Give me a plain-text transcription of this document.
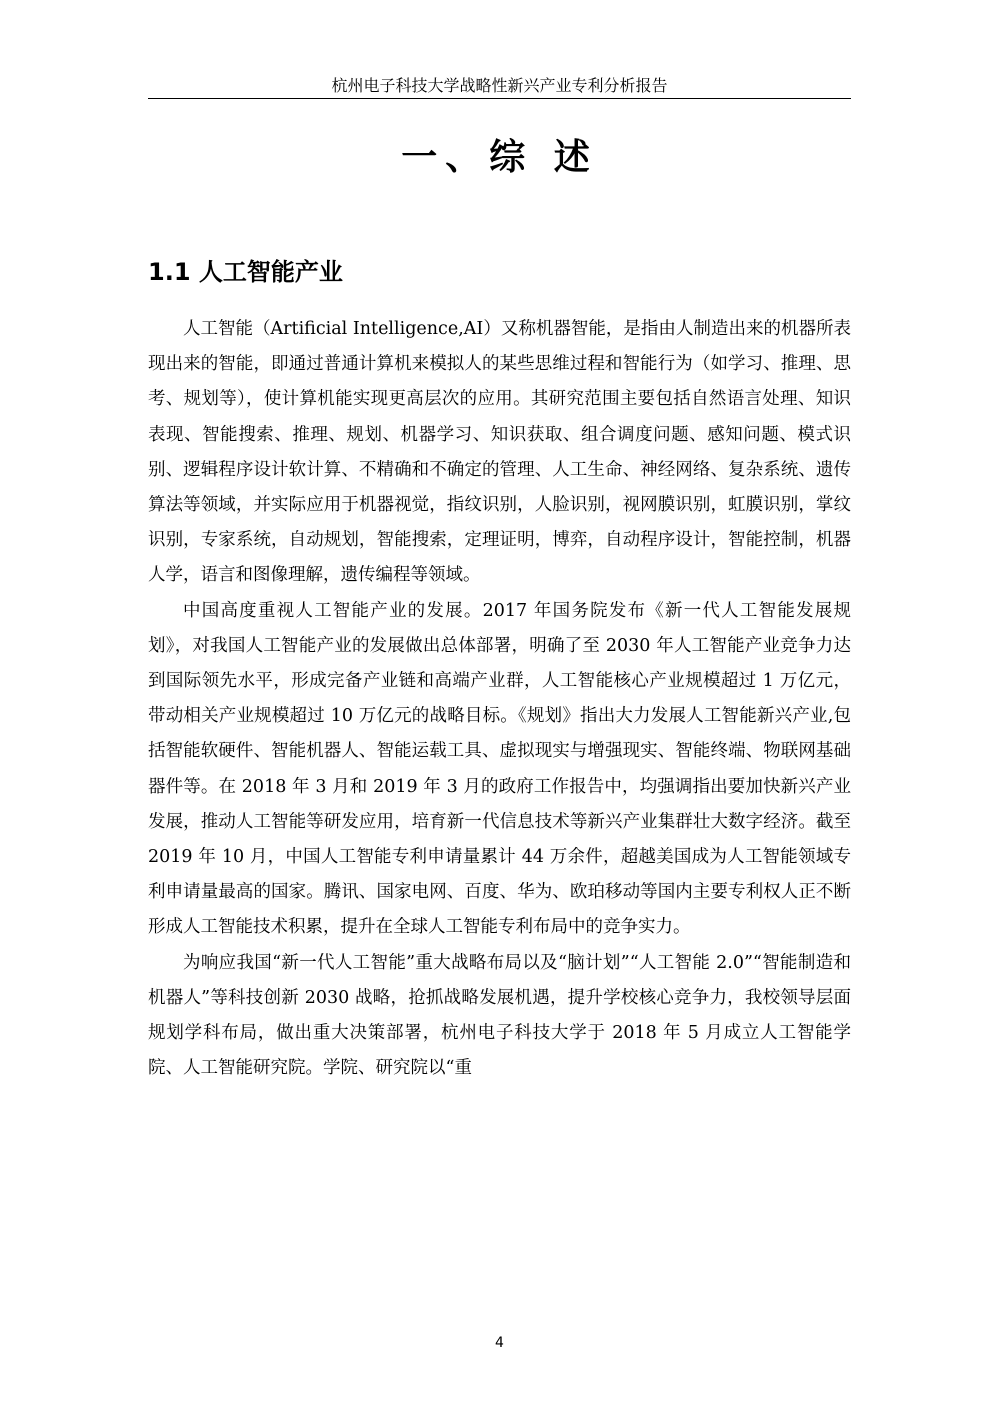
杭州电子科技大学战略性新兴产业专利分析报告
一、综 述
1.1 人工智能产业

人工智能（Artificial Intelligence,AI）又称机器智能，是指由人制造出来的机器所表现出来的智能，即通过普通计算机来模拟人的某些思维过程和智能行为（如学习、推理、思考、规划等），使计算机能实现更高层次的应用。其研究范围主要包括自然语言处理、知识表现、智能搜索、推理、规划、机器学习、知识获取、组合调度问题、感知问题、模式识别、逻辑程序设计软计算、不精确和不确定的管理、人工生命、神经网络、复杂系统、遗传算法等领域，并实际应用于机器视觉，指纹识别，人脸识别，视网膜识别，虹膜识别，掌纹识别，专家系统，自动规划，智能搜索，定理证明，博弈，自动程序设计，智能控制，机器人学，语言和图像理解，遗传编程等领域。

中国高度重视人工智能产业的发展。2017 年国务院发布《新一代人工智能发展规划》，对我国人工智能产业的发展做出总体部署，明确了至 2030 年人工智能产业竞争力达到国际领先水平，形成完备产业链和高端产业群，人工智能核心产业规模超过 1 万亿元，带动相关产业规模超过 10 万亿元的战略目标。《规划》指出大力发展人工智能新兴产业,包括智能软硬件、智能机器人、智能运载工具、虚拟现实与增强现实、智能终端、物联网基础器件等。在 2018 年 3 月和 2019 年 3 月的政府工作报告中，均强调指出要加快新兴产业发展，推动人工智能等研发应用，培育新一代信息技术等新兴产业集群壮大数字经济。截至 2019 年 10 月，中国人工智能专利申请量累计 44 万余件，超越美国成为人工智能领域专利申请量最高的国家。腾讯、国家电网、百度、华为、欧珀移动等国内主要专利权人正不断形成人工智能技术积累，提升在全球人工智能专利布局中的竞争实力。

为响应我国“新一代人工智能”重大战略布局以及“脑计划”“人工智能 2.0”“智能制造和机器人”等科技创新 2030 战略，抢抓战略发展机遇，提升学校核心竞争力，我校领导层面规划学科布局，做出重大决策部署，杭州电子科技大学于 2018 年 5 月成立人工智能学院、人工智能研究院。学院、研究院以“重

4
